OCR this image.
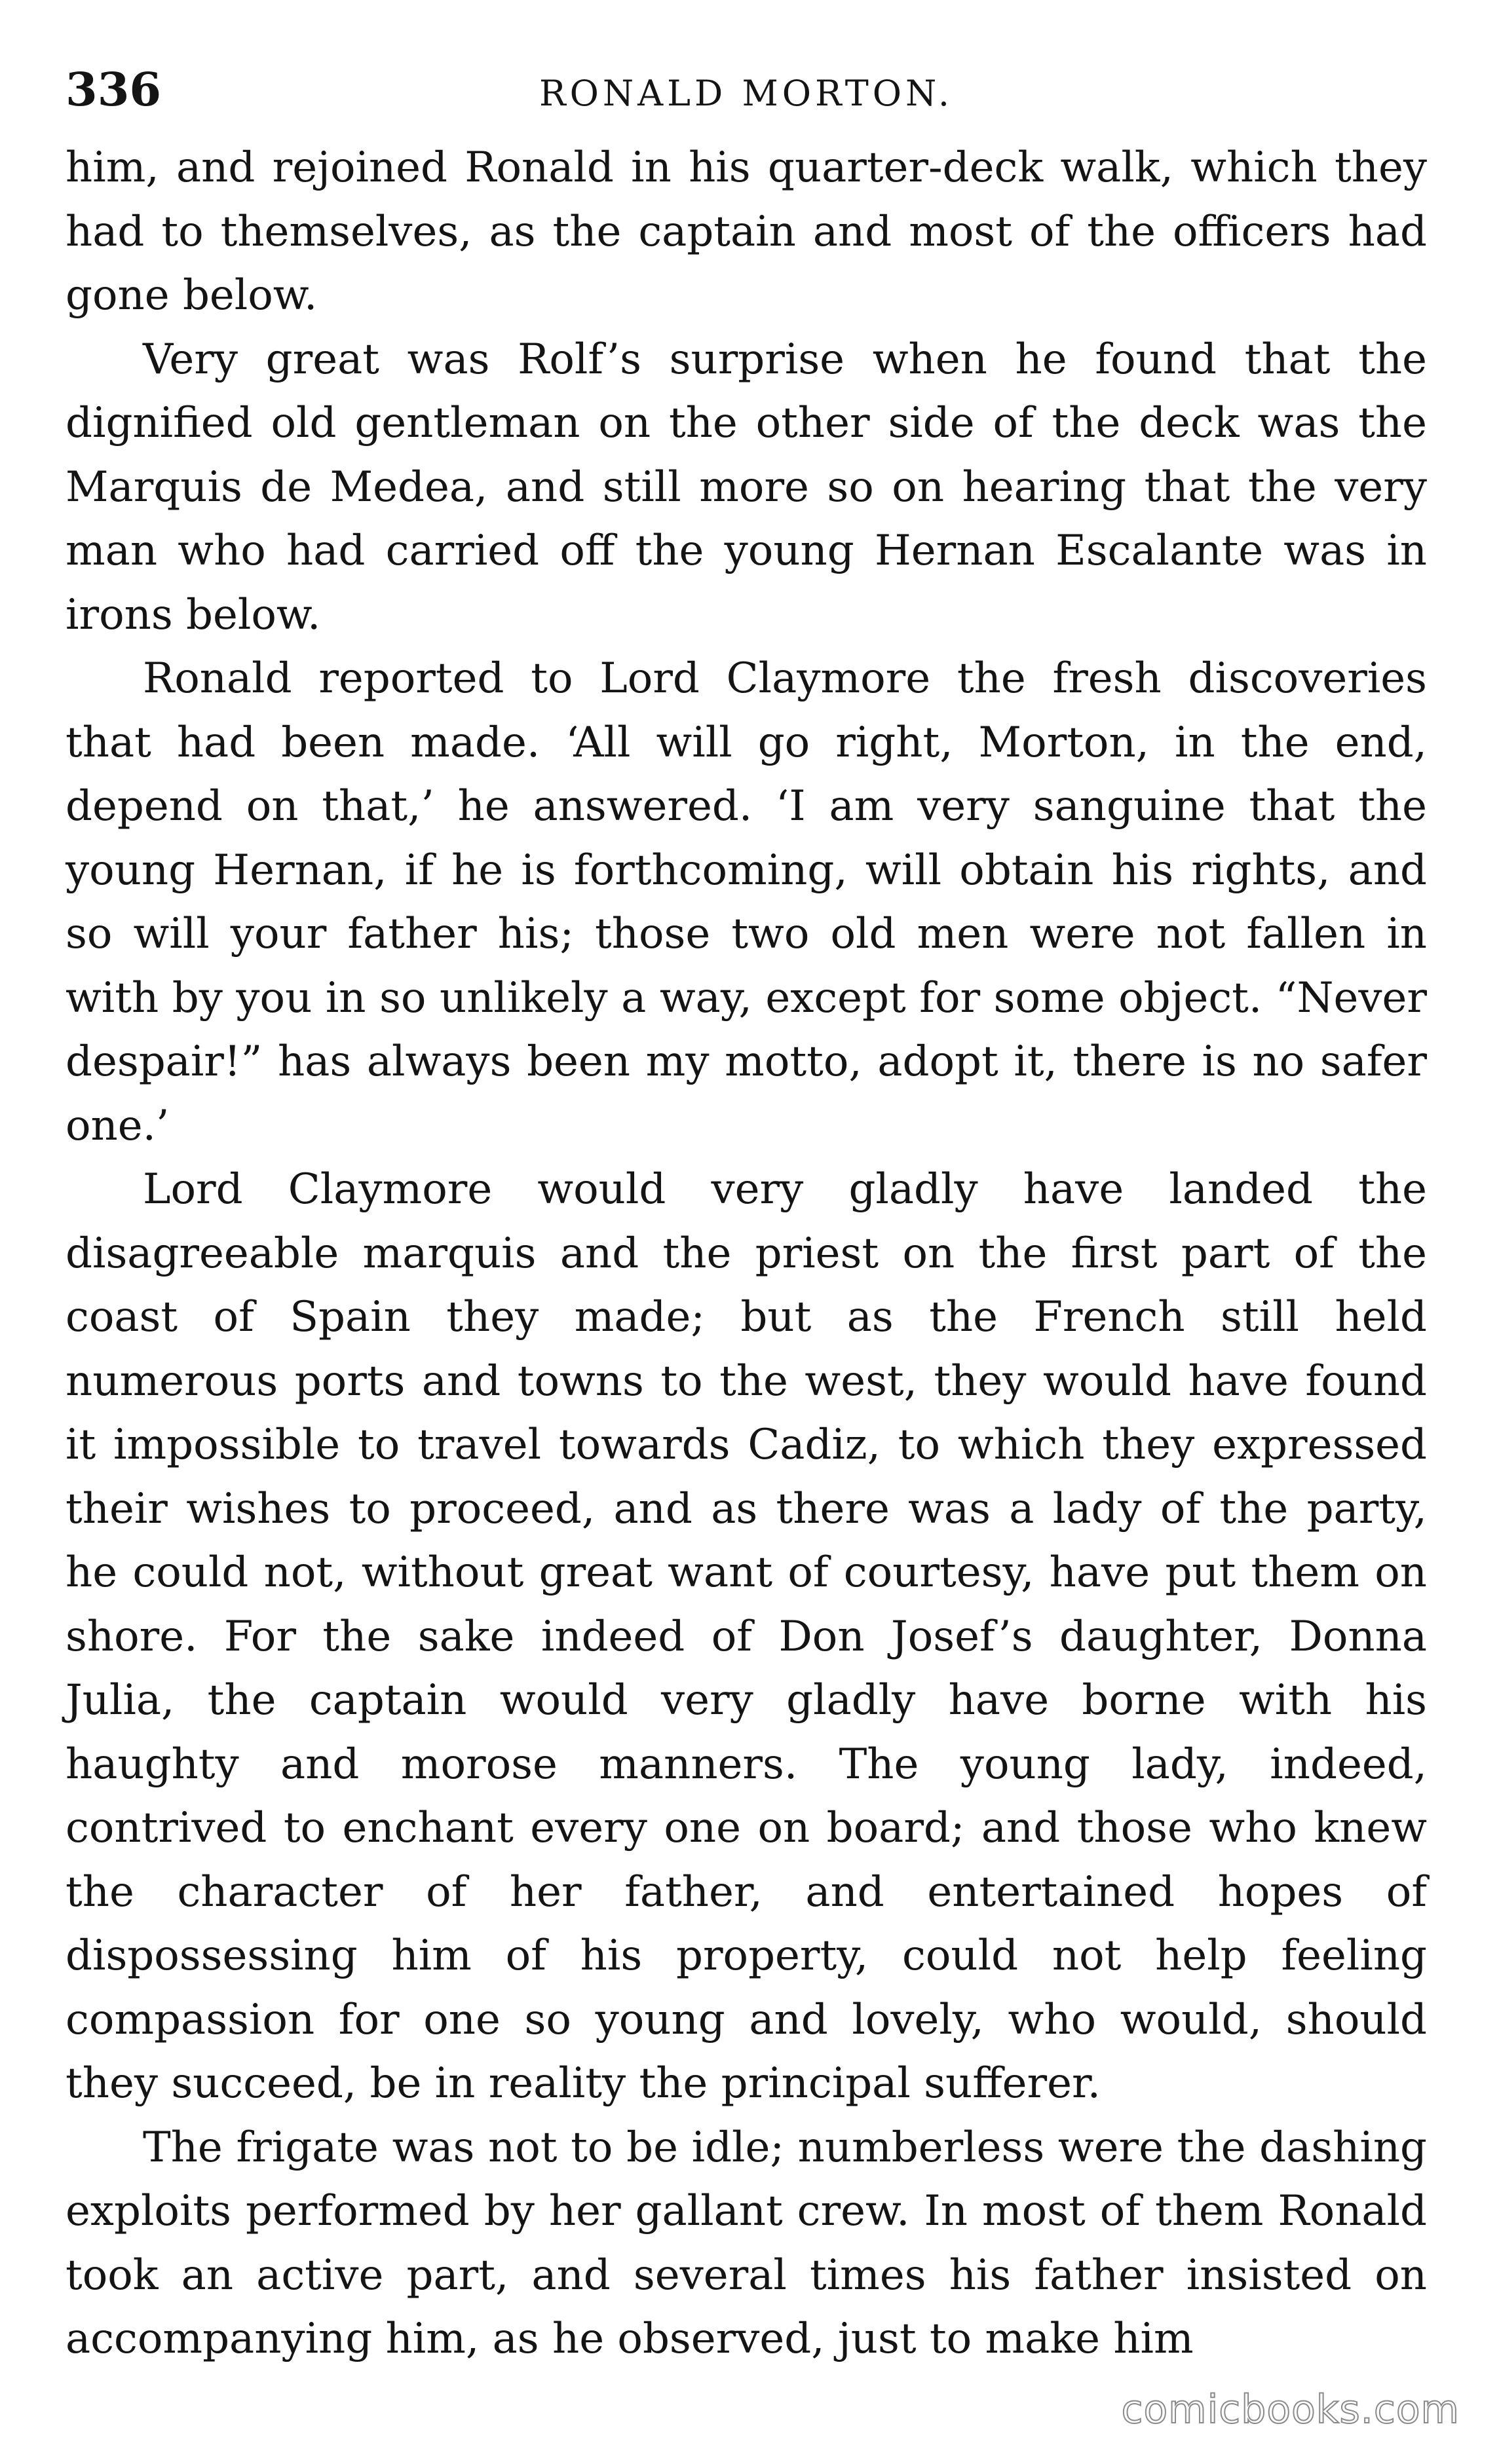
336	RONALD MORTON.

him, and rejoined Ronald in his quarter-deck walk, which they had to themselves, as the captain and most of the officers had gone below.

Very great was Rolf’s surprise when he found that the dignified old gentleman on the other side of the deck was the Marquis de Medea, and still more so on hearing that the very man who had carried off the young Hernan Escalante was in irons below.

Ronald reported to Lord Claymore the fresh discoveries that had been made. ‘All will go right, Morton, in the end, depend on that,’ he answered. ‘I am very sanguine that the young Hernan, if he is forthcoming, will obtain his rights, and so will your father his; those two old men were not fallen in with by you in so unlikely a way, except for some object. “Never despair!” has always been my motto, adopt it, there is no safer one.’

Lord Claymore would very gladly have landed the disagreeable marquis and the priest on the first part of the coast of Spain they made; but as the French still held numerous ports and towns to the west, they would have found it impossible to travel towards Cadiz, to which they expressed their wishes to proceed, and as there was a lady of the party, he could not, without great want of courtesy, have put them on shore. For the sake indeed of Don Josef’s daughter, Donna Julia, the captain would very gladly have borne with his haughty and morose manners. The young lady, indeed, contrived to enchant every one on board; and those who knew the character of her father, and entertained hopes of dispossessing him of his property, could not help feeling compassion for one so young and lovely, who would, should they succeed, be in reality the principal sufferer.

The frigate was not to be idle; numberless were the dashing exploits performed by her gallant crew. In most of them Ronald took an active part, and several times his father insisted on accompanying him, as he observed, just to make him

comicbooks.com
